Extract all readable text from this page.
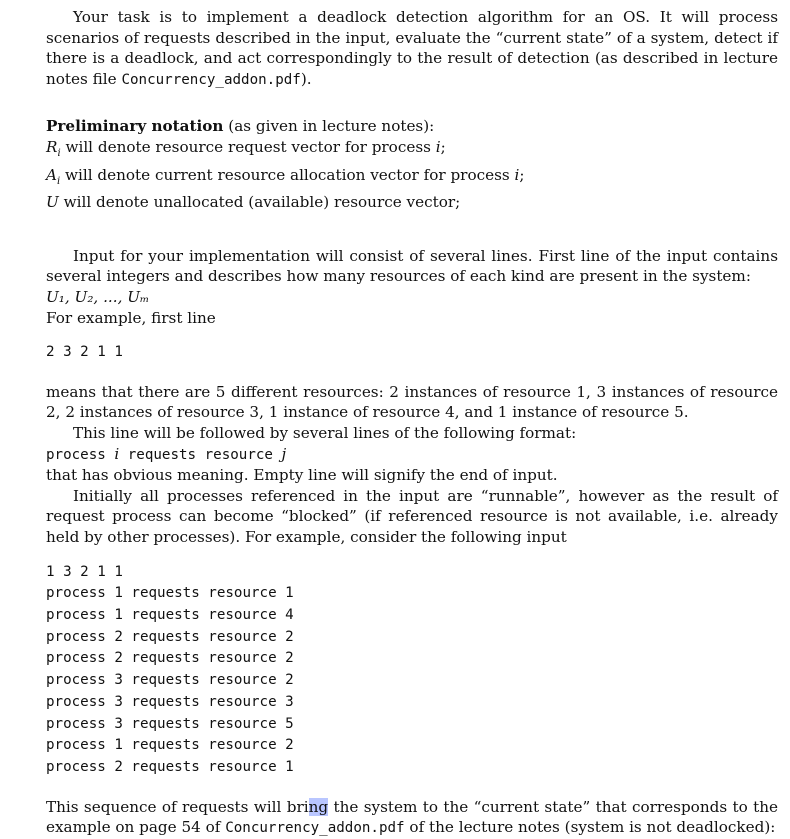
Your task is to implement a deadlock detection algorithm for an OS. It will process scenarios of requests described in the input, evaluate the “current state” of a system, detect if there is a deadlock, and act correspondingly to the result of detection (as described in lecture notes file Concurrency_addon.pdf).

Preliminary notation (as given in lecture notes):
$R_i$ will denote resource request vector for process i;
$A_i$ will denote current resource allocation vector for process i;
U will denote unallocated (available) resource vector;

Input for your implementation will consist of several lines. First line of the input contains several integers and describes how many resources of each kind are present in the system:

U₁, U₂, ..., Uₘ
For example, first line
2 3 2 1 1

means that there are 5 different resources: 2 instances of resource 1, 3 instances of resource 2, 2 instances of resource 3, 1 instance of resource 4, and 1 instance of resource 5.

This line will be followed by several lines of the following format:
process i requests resource j
that has obvious meaning. Empty line will signify the end of input.

Initially all processes referenced in the input are “runnable”, however as the result of request process can become “blocked” (if referenced resource is not available, i.e. already held by other processes). For example, consider the following input

1 3 2 1 1
process 1 requests resource 1
process 1 requests resource 4
process 2 requests resource 2
process 2 requests resource 2
process 3 requests resource 2
process 3 requests resource 3
process 3 requests resource 5
process 1 requests resource 2
process 2 requests resource 1

This sequence of requests will bring the system to the “current state” that corresponds to the example on page 54 of Concurrency_addon.pdf of the lecture notes (system is not deadlocked):
